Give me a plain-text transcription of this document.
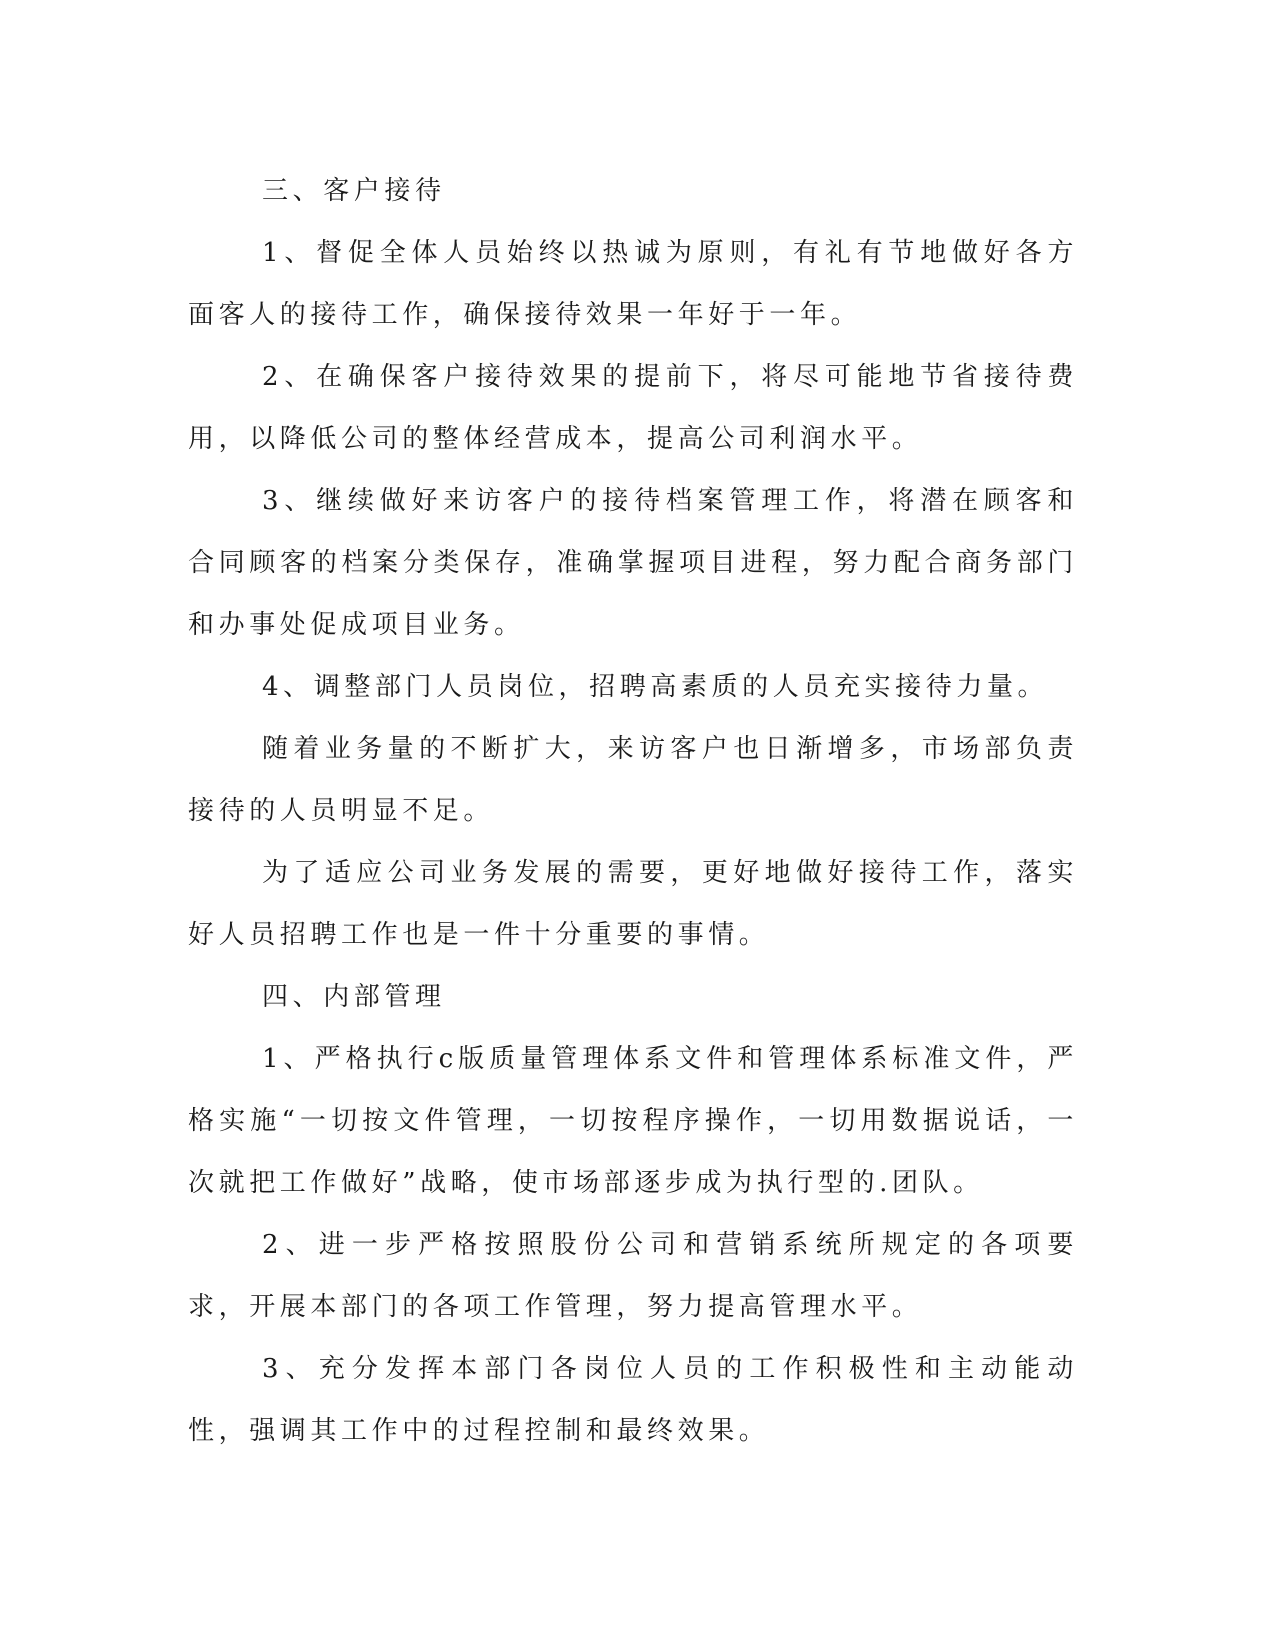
三、客户接待

1、督促全体人员始终以热诚为原则，有礼有节地做好各方面客人的接待工作，确保接待效果一年好于一年。

2、在确保客户接待效果的提前下，将尽可能地节省接待费用，以降低公司的整体经营成本，提高公司利润水平。

3、继续做好来访客户的接待档案管理工作，将潜在顾客和合同顾客的档案分类保存，准确掌握项目进程，努力配合商务部门和办事处促成项目业务。

4、调整部门人员岗位，招聘高素质的人员充实接待力量。

随着业务量的不断扩大，来访客户也日渐增多，市场部负责接待的人员明显不足。

为了适应公司业务发展的需要，更好地做好接待工作，落实好人员招聘工作也是一件十分重要的事情。

四、内部管理

1、严格执行c版质量管理体系文件和管理体系标准文件，严格实施“一切按文件管理，一切按程序操作，一切用数据说话，一次就把工作做好”战略，使市场部逐步成为执行型的.团队。

2、进一步严格按照股份公司和营销系统所规定的各项要求，开展本部门的各项工作管理，努力提高管理水平。

3、充分发挥本部门各岗位人员的工作积极性和主动能动性，强调其工作中的过程控制和最终效果。
